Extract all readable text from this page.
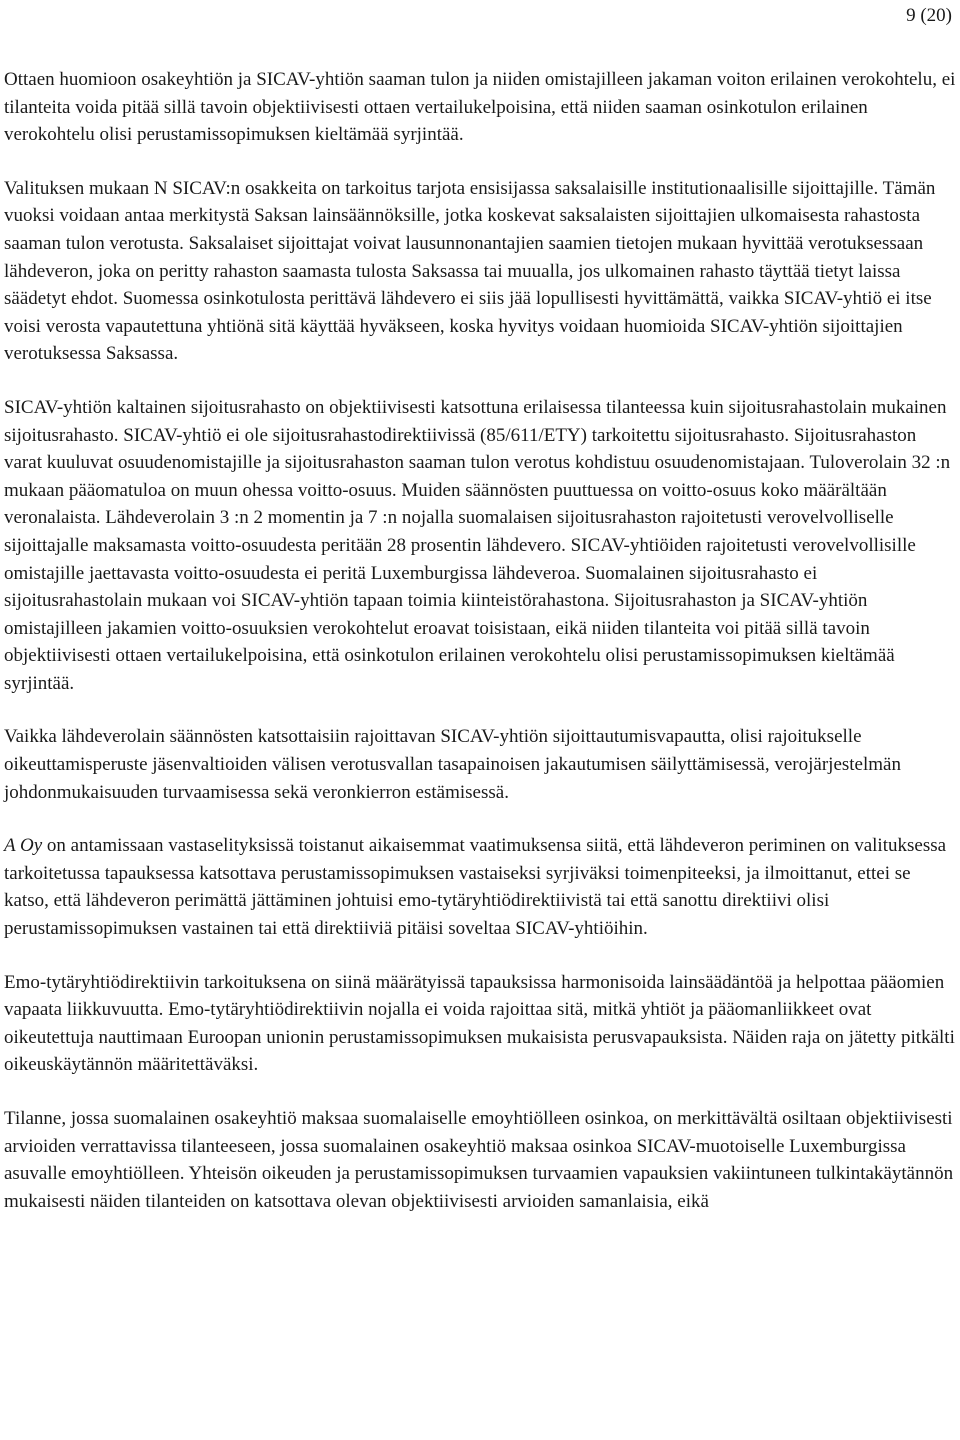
9 (20)

Ottaen huomioon osakeyhtiön ja SICAV-yhtiön saaman tulon ja niiden omistajilleen jakaman voiton erilainen verokohtelu, ei tilanteita voida pitää sillä tavoin objektiivisesti ottaen vertailukelpoisina, että niiden saaman osinkotulon erilainen verokohtelu olisi perustamissopimuksen kieltämää syrjintää.

Valituksen mukaan N SICAV:n osakkeita on tarkoitus tarjota ensisijassa saksalaisille institutionaalisille sijoittajille. Tämän vuoksi voidaan antaa merkitystä Saksan lainsäännöksille, jotka koskevat saksalaisten sijoittajien ulkomaisesta rahastosta saaman tulon verotusta. Saksalaiset sijoittajat voivat lausunnonantajien saamien tietojen mukaan hyvittää verotuksessaan lähdeveron, joka on peritty rahaston saamasta tulosta Saksassa tai muualla, jos ulkomainen rahasto täyttää tietyt laissa säädetyt ehdot. Suomessa osinkotulosta perittävä lähdevero ei siis jää lopullisesti hyvittämättä, vaikka SICAV-yhtiö ei itse voisi verosta vapautettuna yhtiönä sitä käyttää hyväkseen, koska hyvitys voidaan huomioida SICAV-yhtiön sijoittajien verotuksessa Saksassa.

SICAV-yhtiön kaltainen sijoitusrahasto on objektiivisesti katsottuna erilaisessa tilanteessa kuin sijoitusrahastolain mukainen sijoitusrahasto. SICAV-yhtiö ei ole sijoitusrahastodirektiivissä (85/611/ETY) tarkoitettu sijoitusrahasto. Sijoitusrahaston varat kuuluvat osuudenomistajille ja sijoitusrahaston saaman tulon verotus kohdistuu osuudenomistajaan. Tuloverolain 32 :n mukaan pääomatuloa on muun ohessa voitto-osuus. Muiden säännösten puuttuessa on voitto-osuus koko määrältään veronalaista. Lähdeverolain 3 :n 2 momentin ja 7 :n nojalla suomalaisen sijoitusrahaston rajoitetusti verovelvolliselle sijoittajalle maksamasta voitto-osuudesta peritään 28 prosentin lähdevero. SICAV-yhtiöiden rajoitetusti verovelvollisille omistajille jaettavasta voitto-osuudesta ei peritä Luxemburgissa lähdeveroa. Suomalainen sijoitusrahasto ei sijoitusrahastolain mukaan voi SICAV-yhtiön tapaan toimia kiinteistörahastona. Sijoitusrahaston ja SICAV-yhtiön omistajilleen jakamien voitto-osuuksien verokohtelut eroavat toisistaan, eikä niiden tilanteita voi pitää sillä tavoin objektiivisesti ottaen vertailukelpoisina, että osinkotulon erilainen verokohtelu olisi perustamissopimuksen kieltämää syrjintää.

Vaikka lähdeverolain säännösten katsottaisiin rajoittavan SICAV-yhtiön sijoittautumisvapautta, olisi rajoitukselle oikeuttamisperuste jäsenvaltioiden välisen verotusvallan tasapainoisen jakautumisen säilyttämisessä, verojärjestelmän johdonmukaisuuden turvaamisessa sekä veronkierron estämisessä.

A Oy on antamissaan vastaselityksissä toistanut aikaisemmat vaatimuksensa siitä, että lähdeveron periminen on valituksessa tarkoitetussa tapauksessa katsottava perustamissopimuksen vastaiseksi syrjiväksi toimenpiteeksi, ja ilmoittanut, ettei se katso, että lähdeveron perimättä jättäminen johtuisi emo-tytäryhtiödirektiivistä tai että sanottu direktiivi olisi perustamissopimuksen vastainen tai että direktiiviä pitäisi soveltaa SICAV-yhtiöihin.

Emo-tytäryhtiödirektiivin tarkoituksena on siinä määrätyissä tapauksissa harmonisoida lainsäädäntöä ja helpottaa pääomien vapaata liikkuvuutta. Emo-tytäryhtiödirektiivin nojalla ei voida rajoittaa sitä, mitkä yhtiöt ja pääomanliikkeet ovat oikeutettuja nauttimaan Euroopan unionin perustamissopimuksen mukaisista perusvapauksista. Näiden raja on jätetty pitkälti oikeuskäytännön määritettäväksi.

Tilanne, jossa suomalainen osakeyhtiö maksaa suomalaiselle emoyhtiölleen osinkoa, on merkittävältä osiltaan objektiivisesti arvioiden verrattavissa tilanteeseen, jossa suomalainen osakeyhtiö maksaa osinkoa SICAV-muotoiselle Luxemburgissa asuvalle emoyhtiölleen. Yhteisön oikeuden ja perustamissopimuksen turvaamien vapauksien vakiintuneen tulkintakäytännön mukaisesti näiden tilanteiden on katsottava olevan objektiivisesti arvioiden samanlaisia, eikä
